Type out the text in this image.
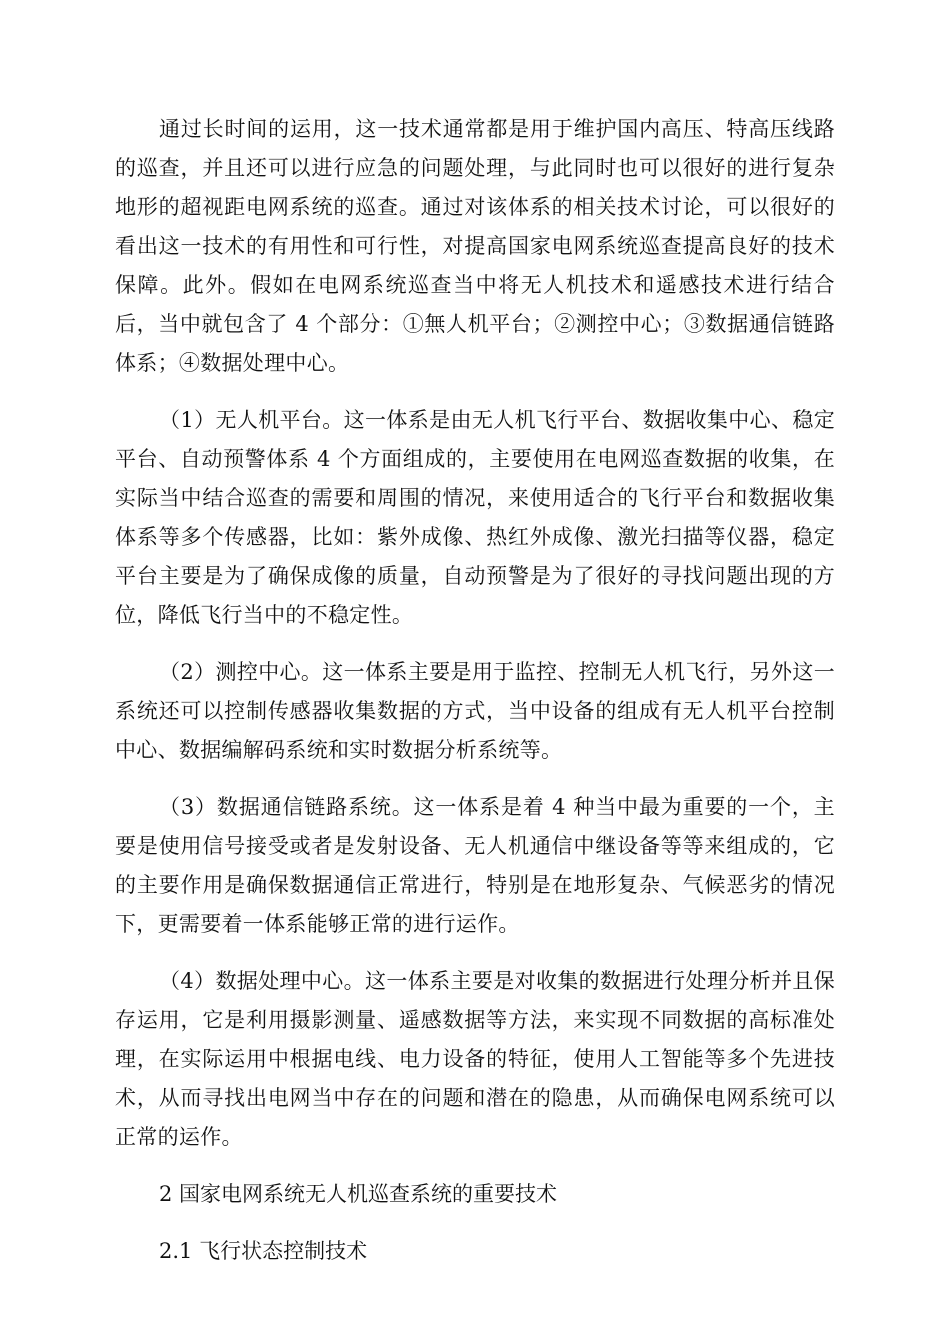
通过长时间的运用，这一技术通常都是用于维护国内高压、特高压线路的巡查，并且还可以进行应急的问题处理，与此同时也可以很好的进行复杂地形的超视距电网系统的巡查。通过对该体系的相关技术讨论，可以很好的看出这一技术的有用性和可行性，对提高国家电网系统巡查提高良好的技术保障。此外。假如在电网系统巡查当中将无人机技术和遥感技术进行结合后，当中就包含了 4 个部分：①無人机平台；②测控中心；③数据通信链路体系；④数据处理中心。

（1）无人机平台。这一体系是由无人机飞行平台、数据收集中心、稳定平台、自动预警体系 4 个方面组成的，主要使用在电网巡查数据的收集，在实际当中结合巡查的需要和周围的情况，来使用适合的飞行平台和数据收集体系等多个传感器，比如：紫外成像、热红外成像、激光扫描等仪器，稳定平台主要是为了确保成像的质量，自动预警是为了很好的寻找问题出现的方位，降低飞行当中的不稳定性。

（2）测控中心。这一体系主要是用于监控、控制无人机飞行，另外这一系统还可以控制传感器收集数据的方式，当中设备的组成有无人机平台控制中心、数据编解码系统和实时数据分析系统等。

（3）数据通信链路系统。这一体系是着 4 种当中最为重要的一个，主要是使用信号接受或者是发射设备、无人机通信中继设备等等来组成的，它的主要作用是确保数据通信正常进行，特别是在地形复杂、气候恶劣的情况下，更需要着一体系能够正常的进行运作。

（4）数据处理中心。这一体系主要是对收集的数据进行处理分析并且保存运用，它是利用摄影测量、遥感数据等方法，来实现不同数据的高标准处理，在实际运用中根据电线、电力设备的特征，使用人工智能等多个先进技术，从而寻找出电网当中存在的问题和潜在的隐患，从而确保电网系统可以正常的运作。

2 国家电网系统无人机巡查系统的重要技术

2.1 飞行状态控制技术
